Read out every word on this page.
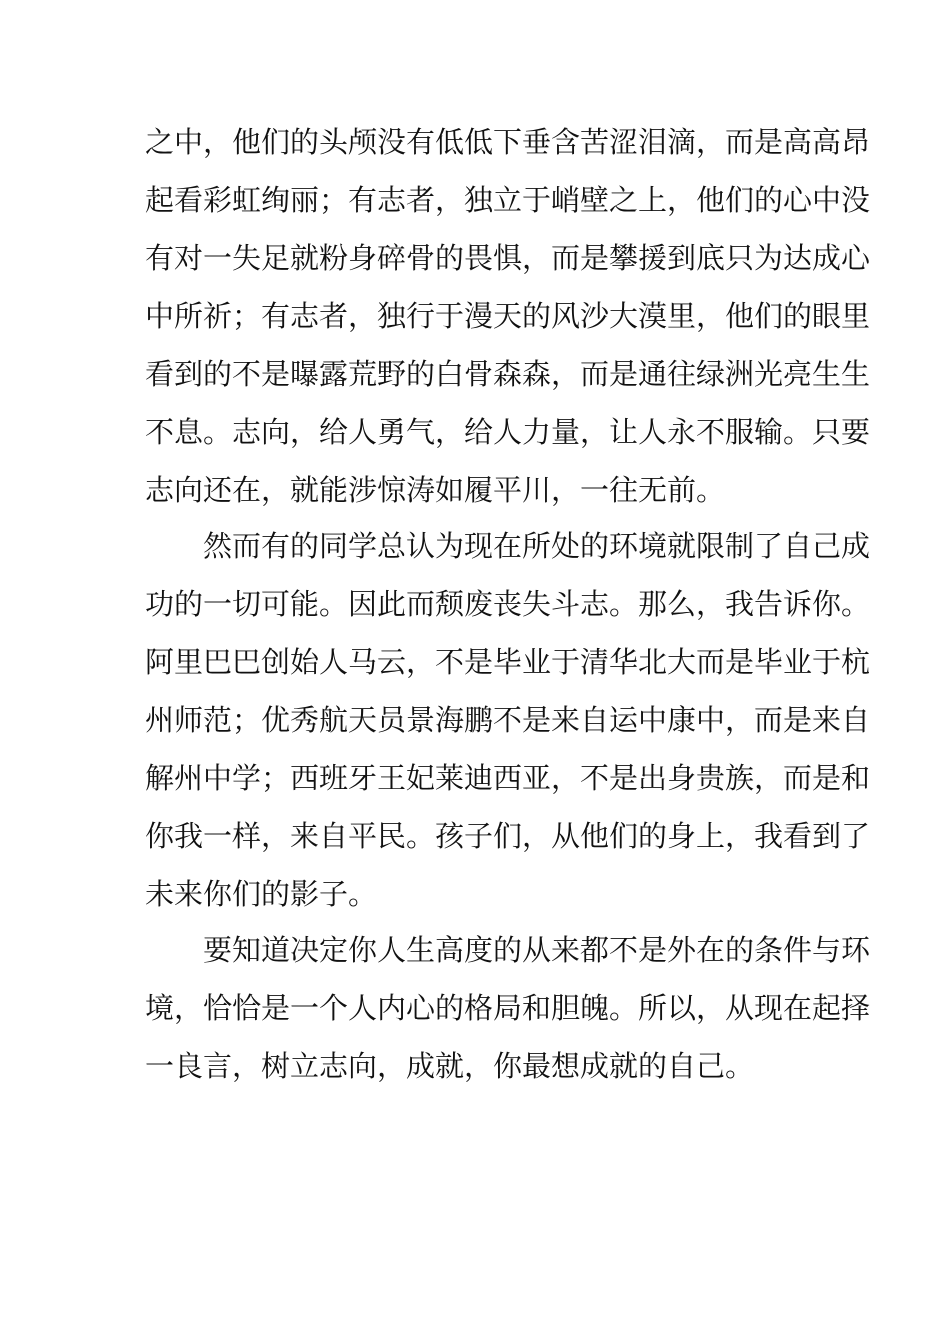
之中，他们的头颅没有低低下垂含苦涩泪滴，而是高高昂
起看彩虹绚丽；有志者，独立于峭壁之上，他们的心中没
有对一失足就粉身碎骨的畏惧，而是攀援到底只为达成心
中所祈；有志者，独行于漫天的风沙大漠里，他们的眼里
看到的不是曝露荒野的白骨森森，而是通往绿洲光亮生生
不息。志向，给人勇气，给人力量，让人永不服输。只要
志向还在，就能涉惊涛如履平川，一往无前。
然而有的同学总认为现在所处的环境就限制了自己成
功的一切可能。因此而颓废丧失斗志。那么，我告诉你。
阿里巴巴创始人马云，不是毕业于清华北大而是毕业于杭
州师范；优秀航天员景海鹏不是来自运中康中，而是来自
解州中学；西班牙王妃莱迪西亚，不是出身贵族，而是和
你我一样，来自平民。孩子们，从他们的身上，我看到了
未来你们的影子。
要知道决定你人生高度的从来都不是外在的条件与环
境，恰恰是一个人内心的格局和胆魄。所以，从现在起择
一良言，树立志向，成就，你最想成就的自己。
